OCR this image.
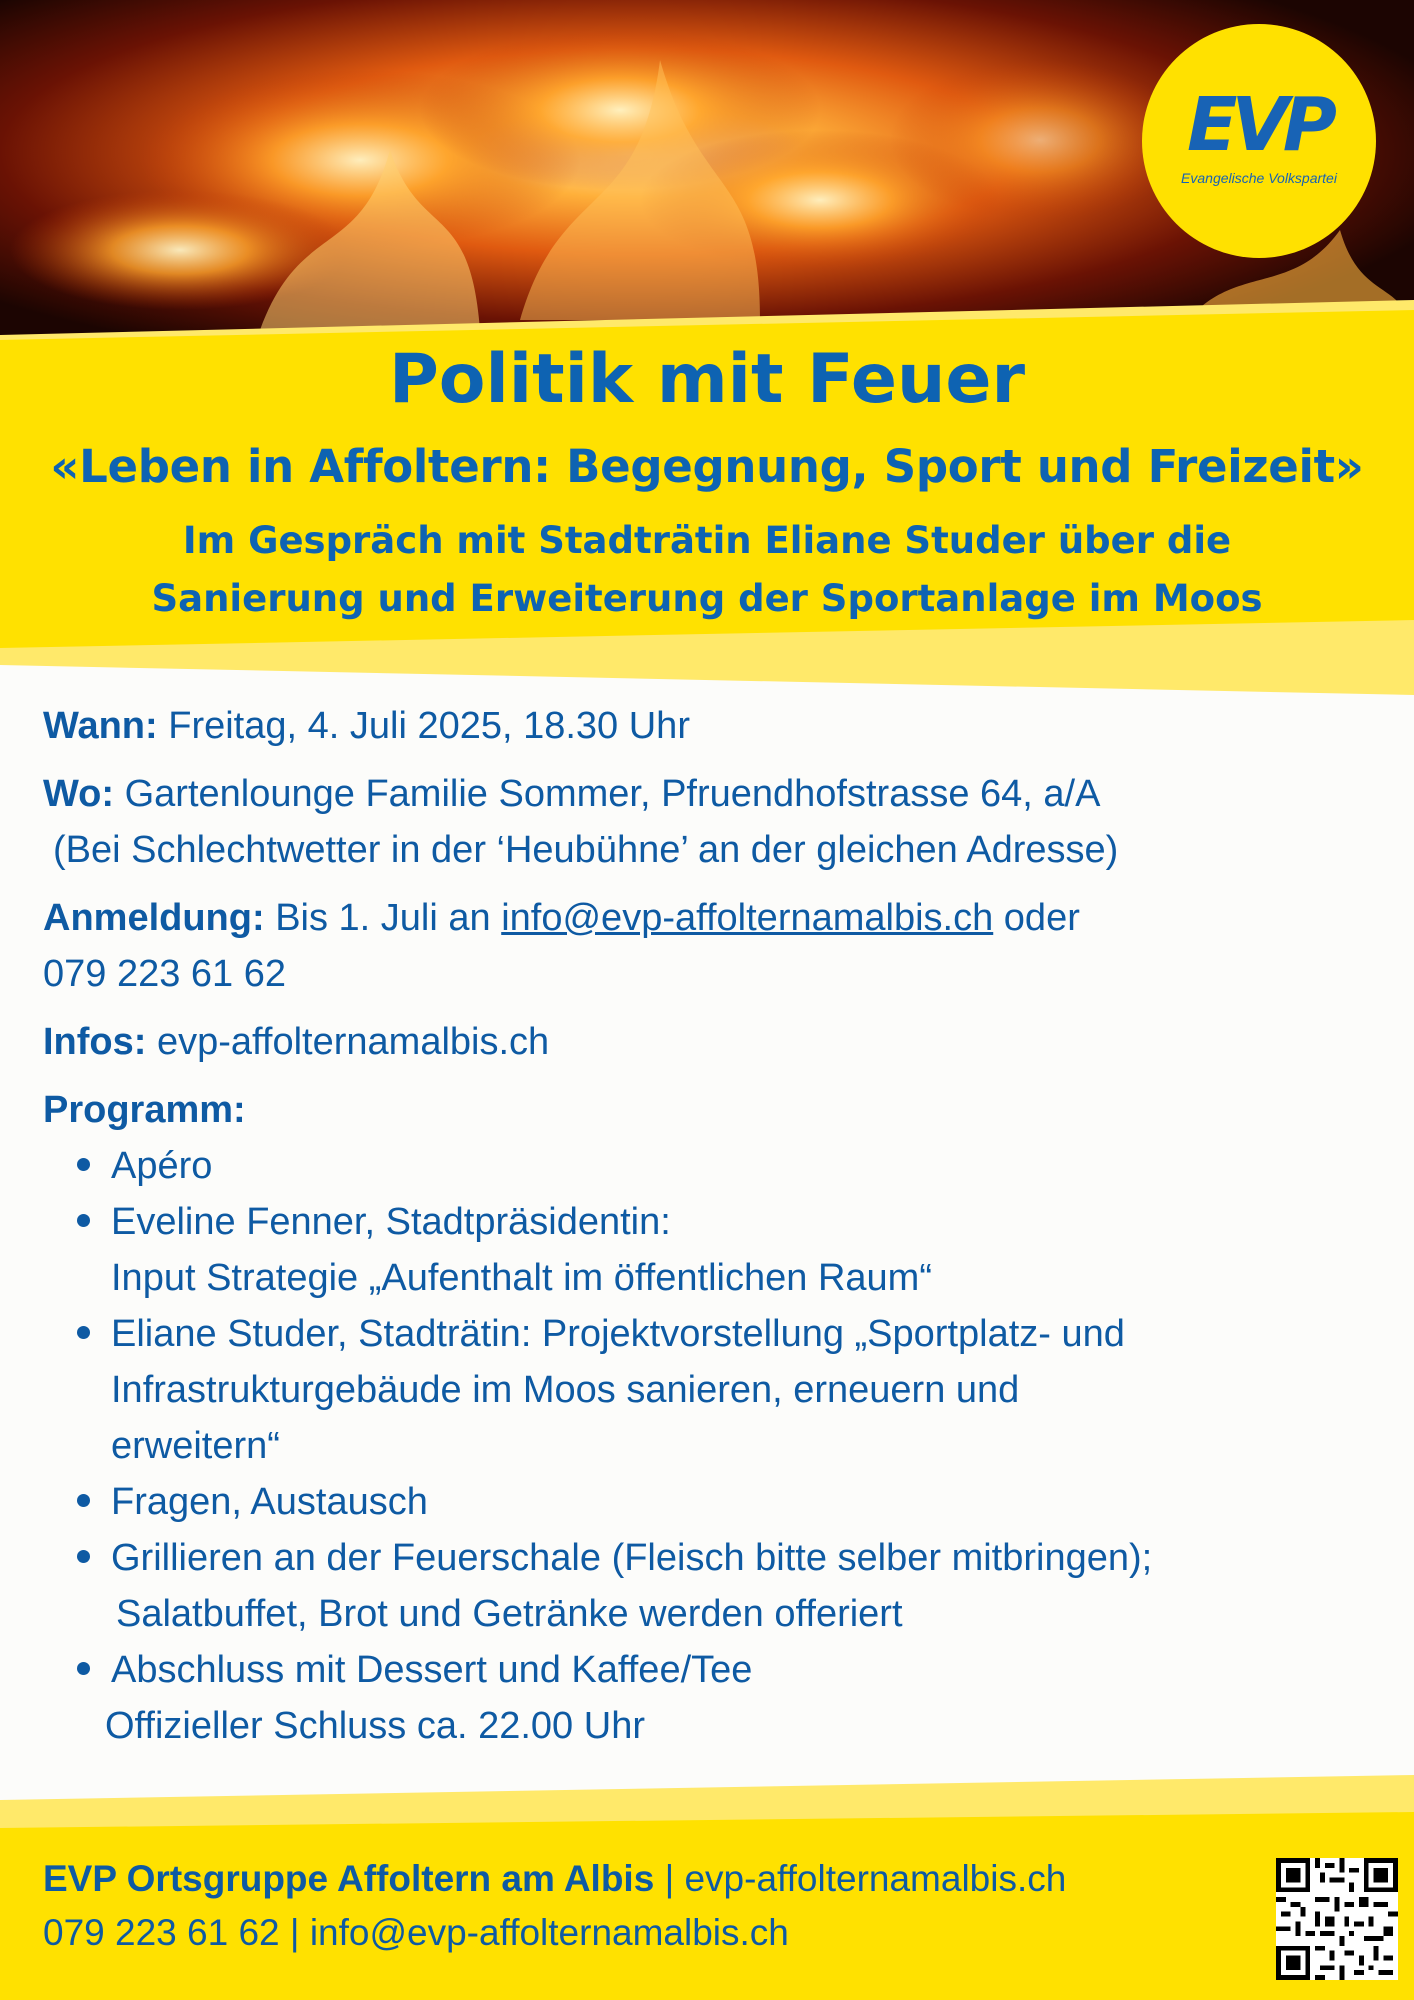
EVP
Evangelische Volkspartei
Politik mit Feuer
«Leben in Affoltern: Begegnung, Sport und Freizeit»
Im Gespräch mit Stadträtin Eliane Studer über die
Sanierung und Erweiterung der Sportanlage im Moos
Wann: Freitag, 4. Juli 2025, 18.30 Uhr
Wo: Gartenlounge Familie Sommer, Pfruendhofstrasse 64, a/A
(Bei Schlechtwetter in der ‘Heubühne’ an der gleichen Adresse)
Anmeldung: Bis 1. Juli an info@evp-affolternamalbis.ch oder
079 223 61 62
Infos: evp-affolternamalbis.ch
Programm:
Apéro
Eveline Fenner, Stadtpräsidentin:
Input Strategie „Aufenthalt im öffentlichen Raum“
Eliane Studer, Stadträtin: Projektvorstellung „Sportplatz- und
Infrastrukturgebäude im Moos sanieren, erneuern und
erweitern“
Fragen, Austausch
Grillieren an der Feuerschale (Fleisch bitte selber mitbringen);
Salatbuffet, Brot und Getränke werden offeriert
Abschluss mit Dessert und Kaffee/Tee
Offizieller Schluss ca. 22.00 Uhr
EVP Ortsgruppe Affoltern am Albis | evp-affolternamalbis.ch
079 223 61 62 | info@evp-affolternamalbis.ch
